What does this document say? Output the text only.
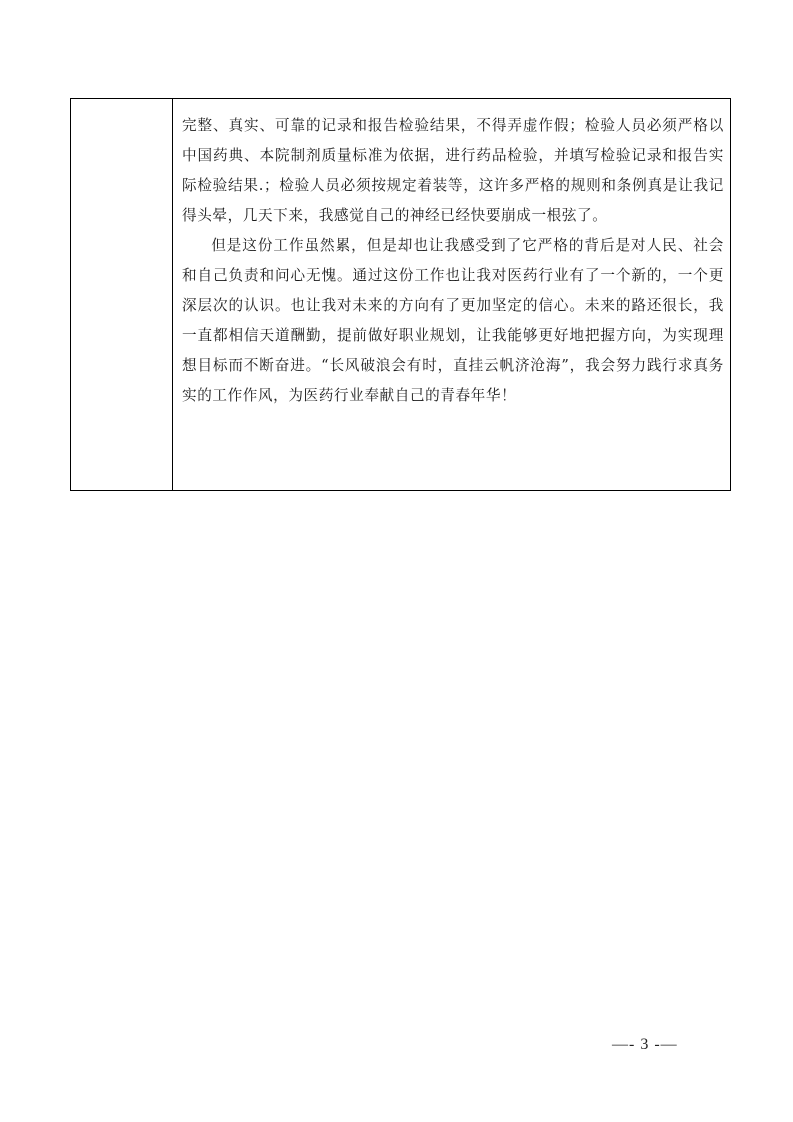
完整、真实、可靠的记录和报告检验结果，不得弄虚作假；检验人员必须严格以中国药典、本院制剂质量标准为依据，进行药品检验，并填写检验记录和报告实际检验结果.；检验人员必须按规定着装等，这许多严格的规则和条例真是让我记得头晕，几天下来，我感觉自己的神经已经快要崩成一根弦了。

但是这份工作虽然累，但是却也让我感受到了它严格的背后是对人民、社会和自己负责和问心无愧。通过这份工作也让我对医药行业有了一个新的，一个更深层次的认识。也让我对未来的方向有了更加坚定的信心。未来的路还很长，我一直都相信天道酬勤，提前做好职业规划，让我能够更好地把握方向，为实现理想目标而不断奋进。“长风破浪会有时，直挂云帆济沧海”，我会努力践行求真务实的工作作风，为医药行业奉献自己的青春年华！

—- 3 -—
